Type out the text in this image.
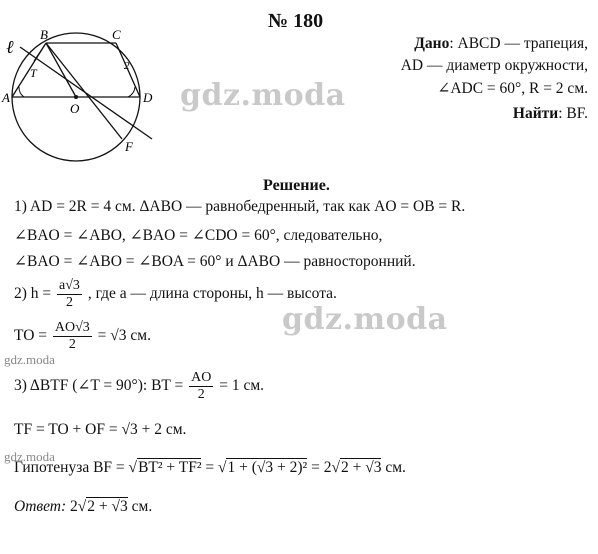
ℓ
B	C
T	2
A
O
D
F
№ 180
Дано: ABCD — трапеция,
AD — диаметр окружности,
∠ADC = 60°, R = 2 см.
Найти: BF.
gdz.moda
gdz.moda
gdz.moda
gdz.moda
Решение.
1) AD = 2R = 4 см. ΔABO — равнобедренный, так как AO = OB = R.
∠BAO = ∠ABO, ∠BAO = ∠CDO = 60°, следовательно,
∠BAO = ∠ABO = ∠BOA = 60° и ΔABO — равносторонний.
2) $h = \frac{a√3}{2}$ , где a — длина стороны, h — высота.
TO = $\frac{AO√3}{2} = √3$ см.
3) ΔBTF (∠T = 90°): BT = $\frac{AO}{2} = 1$ см.
TF = TO + OF = √3 + 2 см.
Гипотенуза BF = √BT² + TF² = √1 + (√3 + 2)² = 2√2 + √3 см.
Ответ: 2√2 + √3 см.
